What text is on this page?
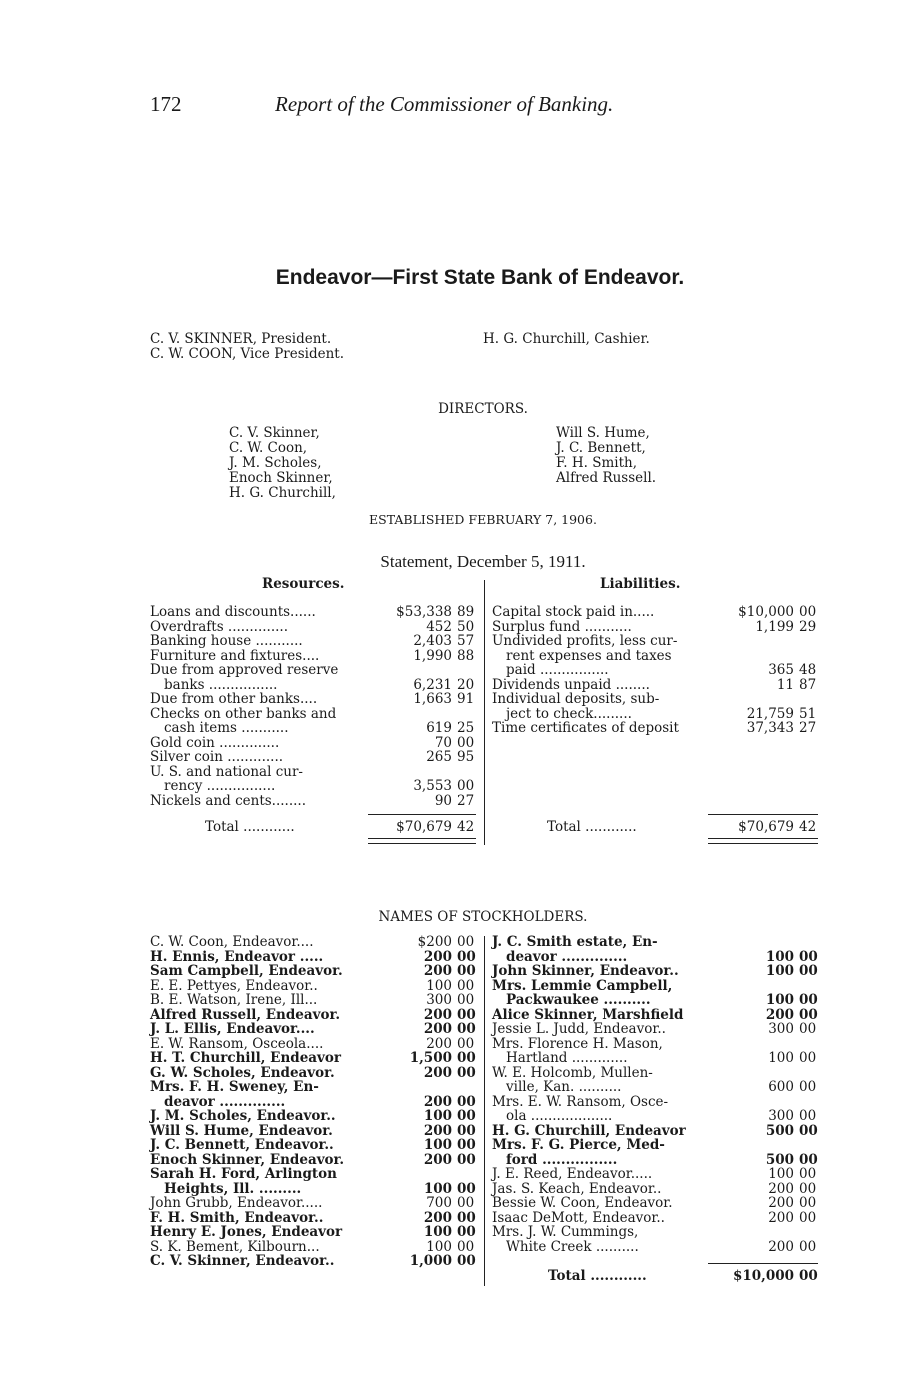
172	Report of the Commissioner of Banking.
Endeavor—First State Bank of Endeavor.
C. V. SKINNER, President.
C. W. COON, Vice President.
H. G. Churchill, Cashier.
DIRECTORS.
C. V. Skinner,
C. W. Coon,
J. M. Scholes,
Enoch Skinner,
H. G. Churchill,
Will S. Hume,
J. C. Bennett,
F. H. Smith,
Alfred Russell.
ESTABLISHED FEBRUARY 7, 1906.
Statement, December 5, 1911.
Resources.	Liabilities.
Loans and discounts......	$53,338 89
Overdrafts ..............	452 50
Banking house ...........	2,403 57
Furniture and fixtures....	1,990 88
Due from approved reserve
banks ................	6,231 20
Due from other banks....	1,663 91
Checks on other banks and
cash items ...........	619 25
Gold coin ..............	70 00
Silver coin .............	265 95
U. S. and national cur-
rency ................	3,553 00
Nickels and cents........	90 27
Capital stock paid in.....	$10,000 00
Surplus fund ...........	1,199 29
Undivided profits, less cur-
rent expenses and taxes
paid ................	365 48
Dividends unpaid ........	11 87
Individual deposits, sub-
ject to check.........	21,759 51
Time certificates of deposit	37,343 27
Total ............	$70,679 42	Total ............	$70,679 42
NAMES OF STOCKHOLDERS.
C. W. Coon, Endeavor....	$200 00
H. Ennis, Endeavor .....	200 00
Sam Campbell, Endeavor.	200 00
E. E. Pettyes, Endeavor..	100 00
B. E. Watson, Irene, Ill...	300 00
Alfred Russell, Endeavor.	200 00
J. L. Ellis, Endeavor....	200 00
E. W. Ransom, Osceola....	200 00
H. T. Churchill, Endeavor	1,500 00
G. W. Scholes, Endeavor.	200 00
Mrs. F. H. Sweney, En-
deavor ..............	200 00
J. M. Scholes, Endeavor..	100 00
Will S. Hume, Endeavor.	200 00
J. C. Bennett, Endeavor..	100 00
Enoch Skinner, Endeavor.	200 00
Sarah H. Ford, Arlington
Heights, Ill. .........	100 00
John Grubb, Endeavor.....	700 00
F. H. Smith, Endeavor..	200 00
Henry E. Jones, Endeavor	100 00
S. K. Bement, Kilbourn...	100 00
C. V. Skinner, Endeavor..	1,000 00
J. C. Smith estate, En-
deavor ..............	100 00
John Skinner, Endeavor..	100 00
Mrs. Lemmie Campbell,
Packwaukee ..........	100 00
Alice Skinner, Marshfield	200 00
Jessie L. Judd, Endeavor..	300 00
Mrs. Florence H. Mason,
Hartland .............	100 00
W. E. Holcomb, Mullen-
ville, Kan. ..........	600 00
Mrs. E. W. Ransom, Osce-
ola ...................	300 00
H. G. Churchill, Endeavor	500 00
Mrs. F. G. Pierce, Med-
ford ................	500 00
J. E. Reed, Endeavor.....	100 00
Jas. S. Keach, Endeavor..	200 00
Bessie W. Coon, Endeavor.	200 00
Isaac DeMott, Endeavor..	200 00
Mrs. J. W. Cummings,
White Creek ..........	200 00
Total ............	$10,000 00
